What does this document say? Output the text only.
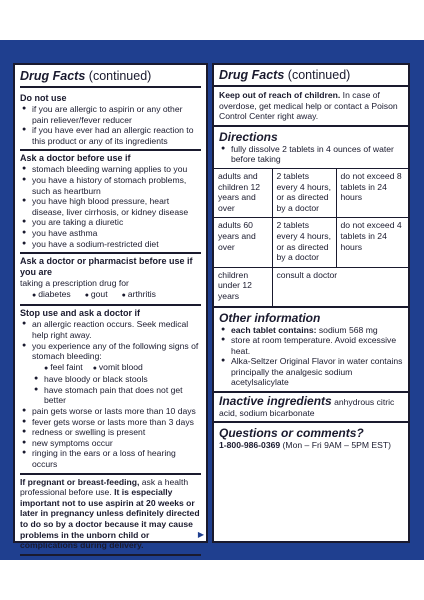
Drug Facts (continued)
Do not use
● if you are allergic to aspirin or any other pain reliever/fever reducer
● if you have ever had an allergic reaction to this product or any of its ingredients
Ask a doctor before use if
● stomach bleeding warning applies to you
● you have a history of stomach problems, such as heartburn
● you have high blood pressure, heart disease, liver cirrhosis, or kidney disease
● you are taking a diuretic
● you have asthma
● you have a sodium-restricted diet
Ask a doctor or pharmacist before use if you are
taking a prescription drug for
● diabetes	● gout	● arthritis
Stop use and ask a doctor if
● an allergic reaction occurs. Seek medical help right away.
● you experience any of the following signs of stomach bleeding:
● feel faint	● vomit blood
● have bloody or black stools
● have stomach pain that does not get better
● pain gets worse or lasts more than 10 days
● fever gets worse or lasts more than 3 days
● redness or swelling is present
● new symptoms occur
● ringing in the ears or a loss of hearing occurs
If pregnant or breast-feeding, ask a health professional before use. It is especially important not to use aspirin at 20 weeks or later in pregnancy unless definitely directed to do so by a doctor because it may cause problems in the unborn child or complications during delivery.
▶
Drug Facts (continued)
Keep out of reach of children. In case of overdose, get medical help or contact a Poison Control Center right away.
Directions
● fully dissolve 2 tablets in 4 ounces of water before taking
adults and children 12 years and over	2 tablets every 4 hours, or as directed by a doctor	do not exceed 8 tablets in 24 hours
adults 60 years and over	2 tablets every 4 hours, or as directed by a doctor	do not exceed 4 tablets in 24 hours
children under 12 years	consult a doctor	
Other information
● each tablet contains: sodium 568 mg
● store at room temperature. Avoid excessive heat.
● Alka-Seltzer Original Flavor in water contains principally the analgesic sodium acetylsalicylate
Inactive ingredients anhydrous citric acid, sodium bicarbonate
Questions or comments?
1-800-986-0369 (Mon – Fri 9AM – 5PM EST)
